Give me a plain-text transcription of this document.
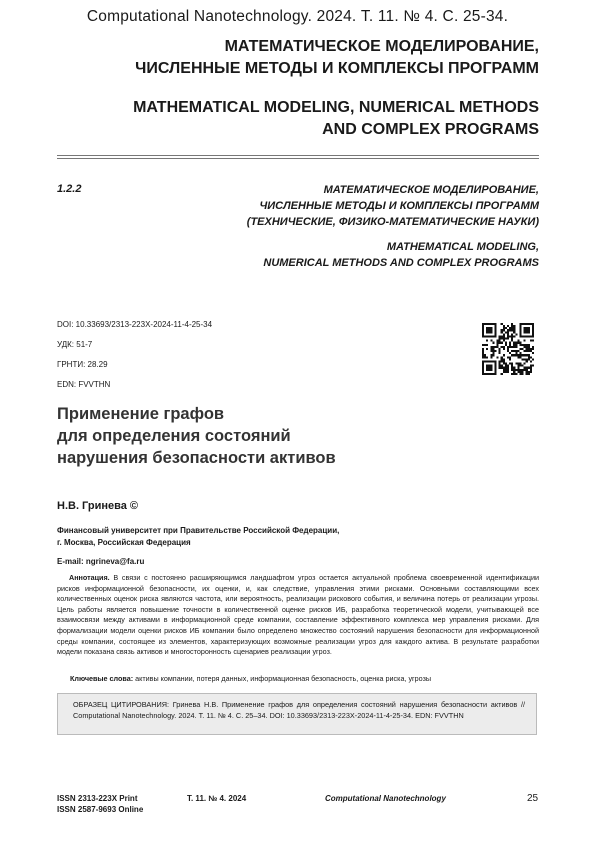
Computational Nanotechnology. 2024. Т. 11. № 4. С. 25-34.
МАТЕМАТИЧЕСКОЕ МОДЕЛИРОВАНИЕ,
ЧИСЛЕННЫЕ МЕТОДЫ И КОМПЛЕКСЫ ПРОГРАММ
MATHEMATICAL MODELING, NUMERICAL METHODS
AND COMPLEX PROGRAMS
1.2.2	МАТЕМАТИЧЕСКОЕ МОДЕЛИРОВАНИЕ,
ЧИСЛЕННЫЕ МЕТОДЫ И КОМПЛЕКСЫ ПРОГРАММ
(ТЕХНИЧЕСКИЕ, ФИЗИКО-МАТЕМАТИЧЕСКИЕ НАУКИ)
MATHEMATICAL MODELING,
NUMERICAL METHODS AND COMPLEX PROGRAMS
DOI: 10.33693/2313-223X-2024-11-4-25-34
УДК: 51-7
ГРНТИ: 28.29
EDN: FVVTHN
Применение графов
для определения состояний
нарушения безопасности активов
Н.В. Гринева ©
Финансовый университет при Правительстве Российской Федерации,
г. Москва, Российская Федерация
E-mail: ngrineva@fa.ru
Аннотация. В связи с постоянно расширяющимся ландшафтом угроз остается актуальной проблема своевременной идентификации рисков информационной безопасности, их оценки, и, как следствие, управления этими рисками. Основными составляющими всех количественных оценок риска являются частота, или вероятность, реализации рискового события, и величина потерь от реализации угрозы. Цель работы является повышение точности в количественной оценке рисков ИБ, разработка теоретической модели, учитывающей все взаимосвязи между активами в информационной среде компании, составление эффективного комплекса мер управления рисками. Для формализации модели оценки рисков ИБ компании было определено множество состояний нарушения безопасности для информационной среды компании, состоящее из элементов, характеризующих возможные реализации угроз для каждого актива. В результате разработки модели показана связь активов и многосторонность сценариев реализации угроз.
Ключевые слова: активы компании, потеря данных, информационная безопасность, оценка риска, угрозы
ОБРАЗЕЦ ЦИТИРОВАНИЯ: Гринева Н.В. Применение графов для определения состояний нарушения безопасности активов // Computational Nanotechnology. 2024. Т. 11. № 4. С. 25–34. DOI: 10.33693/2313-223X-2024-11-4-25-34. EDN: FVVTHN
ISSN 2313-223X Print
ISSN 2587-9693 Online
Т. 11. № 4. 2024	Computational Nanotechnology	25
